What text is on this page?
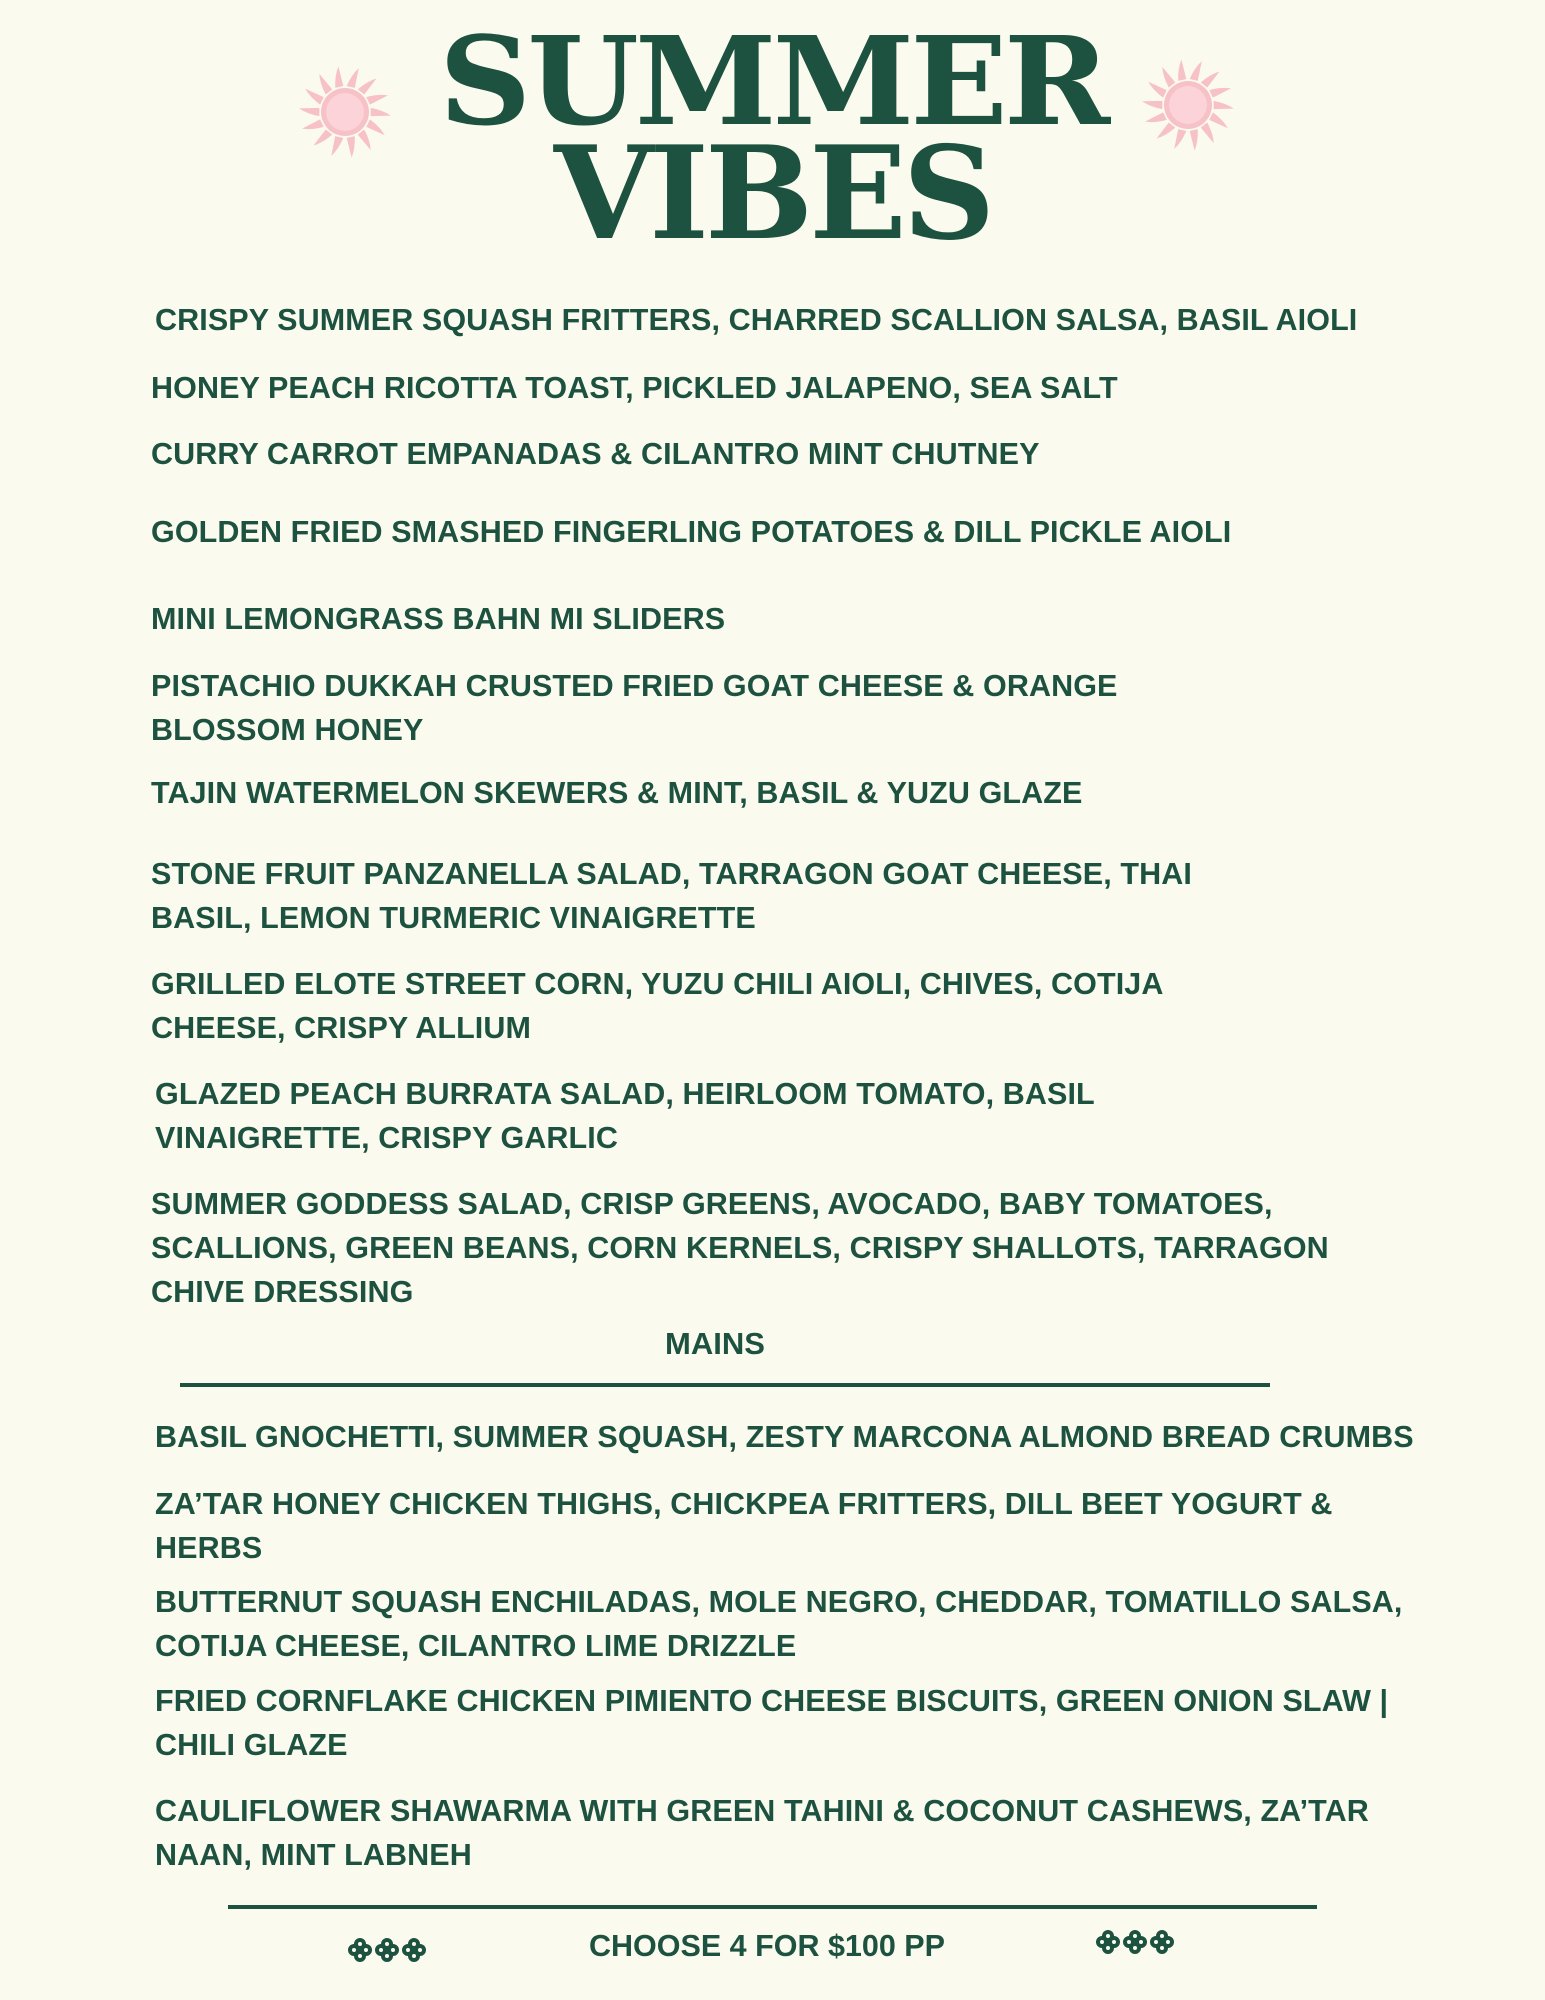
SUMMER
VIBES
CRISPY SUMMER SQUASH FRITTERS, CHARRED SCALLION SALSA, BASIL AIOLI
HONEY PEACH RICOTTA TOAST, PICKLED JALAPENO, SEA SALT
CURRY CARROT EMPANADAS & CILANTRO MINT CHUTNEY
GOLDEN FRIED SMASHED FINGERLING POTATOES & DILL PICKLE AIOLI
MINI LEMONGRASS BAHN MI SLIDERS
PISTACHIO DUKKAH CRUSTED FRIED GOAT CHEESE & ORANGE
BLOSSOM HONEY
TAJIN WATERMELON SKEWERS & MINT, BASIL & YUZU GLAZE
STONE FRUIT PANZANELLA SALAD, TARRAGON GOAT CHEESE, THAI
BASIL, LEMON TURMERIC VINAIGRETTE
GRILLED ELOTE STREET CORN, YUZU CHILI AIOLI, CHIVES, COTIJA
CHEESE, CRISPY ALLIUM
GLAZED PEACH BURRATA SALAD, HEIRLOOM TOMATO, BASIL
VINAIGRETTE, CRISPY GARLIC
SUMMER GODDESS SALAD, CRISP GREENS, AVOCADO, BABY TOMATOES,
SCALLIONS, GREEN BEANS, CORN KERNELS, CRISPY SHALLOTS, TARRAGON
CHIVE DRESSING
MAINS
BASIL GNOCHETTI, SUMMER SQUASH, ZESTY MARCONA ALMOND BREAD CRUMBS
ZA’TAR HONEY CHICKEN THIGHS, CHICKPEA FRITTERS, DILL BEET YOGURT &
HERBS
BUTTERNUT SQUASH ENCHILADAS, MOLE NEGRO, CHEDDAR, TOMATILLO SALSA,
COTIJA CHEESE, CILANTRO LIME DRIZZLE
FRIED CORNFLAKE CHICKEN PIMIENTO CHEESE BISCUITS, GREEN ONION SLAW |
CHILI GLAZE
CAULIFLOWER SHAWARMA WITH GREEN TAHINI & COCONUT CASHEWS, ZA’TAR
NAAN, MINT LABNEH
CHOOSE 4 FOR $100 PP
